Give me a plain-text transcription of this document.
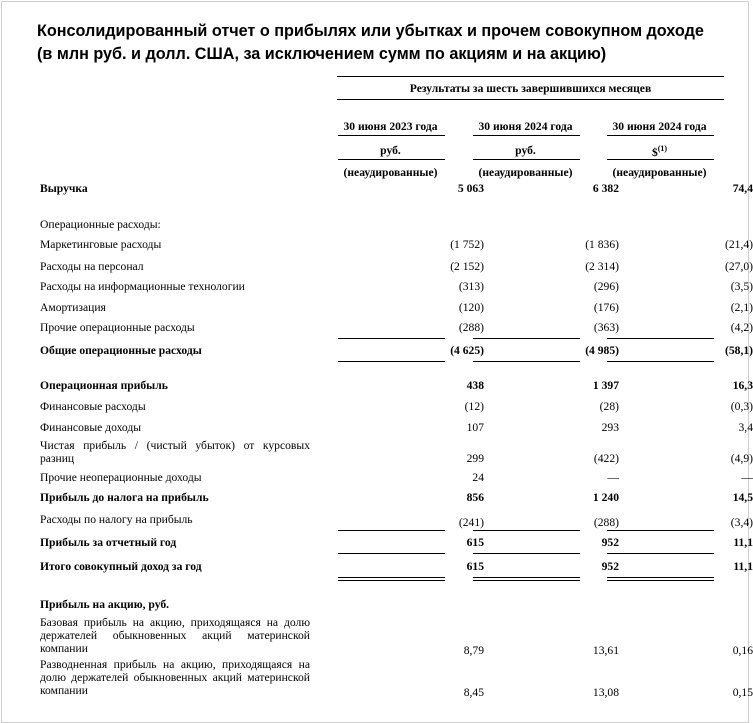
Консолидированный отчет о прибылях или убытках и прочем совокупном доходе
(в млн руб. и долл. США, за исключением сумм по акциям и на акцию)
Результаты за шесть завершившихся месяцев
30 июня 2023 года	30 июня 2024 года	30 июня 2024 года
руб.	руб.	\$$^{(1)}$
(неаудированные)	(неаудированные)	(неаудированные)
Выручка	5 063	6 382	74,4
Операционные расходы:
Маркетинговые расходы	(1 752)	(1 836)	(21,4)
Расходы на персонал	(2 152)	(2 314)	(27,0)
Расходы на информационные технологии	(313)	(296)	(3,5)
Амортизация	(120)	(176)	(2,1)
Прочие операционные расходы	(288)	(363)	(4,2)
Общие операционные расходы	(4 625)	(4 985)	(58,1)
Операционная прибыль	438	1 397	16,3
Финансовые расходы	(12)	(28)	(0,3)
Финансовые доходы	107	293	3,4
Чистая прибыль / (чистый убыток) от курсовых разниц	299	(422)	(4,9)
Прочие неоперационные доходы	24	—	—
Прибыль до налога на прибыль	856	1 240	14,5
Расходы по налогу на прибыль	(241)	(288)	(3,4)
Прибыль за отчетный год	615	952	11,1
Итого совокупный доход за год	615	952	11,1
Прибыль на акцию, руб.
Базовая прибыль на акцию, приходящаяся на долю держателей обыкновенных акций материнской компании	8,79	13,61	0,16
Разводненная прибыль на акцию, приходящаяся на долю держателей обыкновенных акций материнской компании	8,45	13,08	0,15
